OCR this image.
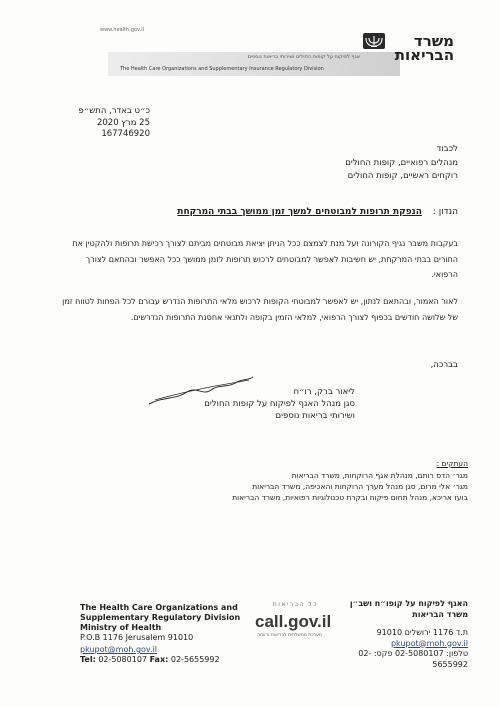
www.health.gov.il
אגף לפיקוח על קופות החולים ושירותי בריאות נוספים
The Health Care Organizations and Supplementary Insurance Regulatory Division
משרד
הבריאות
כ״ט באדר, התש״פ
25 מרץ 2020
167746920
לכבוד
מנהלים רפואיים, קופות החולים
רוקחים ראשיים, קופות החולים
הנדון : הנפקת תרופות למבוטחים למשך זמן ממושך בבתי המרקחת
בעקבות משבר נגיף הקורונה ועל מנת לצמצם ככל הניתן יציאת מבוטחים מביתם לצורך רכישת תרופות ולהקטין את התורים בבתי המרקחת, יש חשיבות לאפשר למבוטחים לרכוש תרופות לזמן ממושך ככל האפשר ובהתאם לצורך הרפואי.
לאור האמור, ובהתאם לנתון, יש לאפשר למבוטחי הקופות לרכוש מלאי התרופות הנדרש עבורם לכל הפחות לטווח זמן של שלושה חודשים בכפוף לצורך הרפואי, למלאי הזמין בקופה ולתנאי אחסנת התרופות הנדרשים.
בברכה,
ליאור ברק, רו״ח
סגן מנהל האגף לפיקוח על קופות החולים
ושירותי בריאות נוספים
העתקים :
מגר׳ הדס רותם, מנהלת אגף הרוקחות, משרד הבריאות
מגר׳ אלי מרום, סגן מנהל מערך הרוקחות והאכיפה, משרד הבריאות
בועז אריכא, מנהל תחום פיקוח ובקרת טכנולוגיות רפואיות, משרד הבריאות
The Health Care Organizations and
Supplementary Regulatory Division
Ministry of Health
P.O.B 1176 Jerusalem 91010
pkupot@moh.gov.il
Tel: 02-5080107 Fax: 02-5655992
כל הבריאות
call.gov.il
מערכת ממשלתית לבריאות ורווחה
האגף לפיקוח על קופו״ח ושב״ן
משרד הבריאות
ת.ד 1176 ירושלים 91010
pkupot@moh.gov.il
טלפון: 02-5080107 פקס: 02-5655992
